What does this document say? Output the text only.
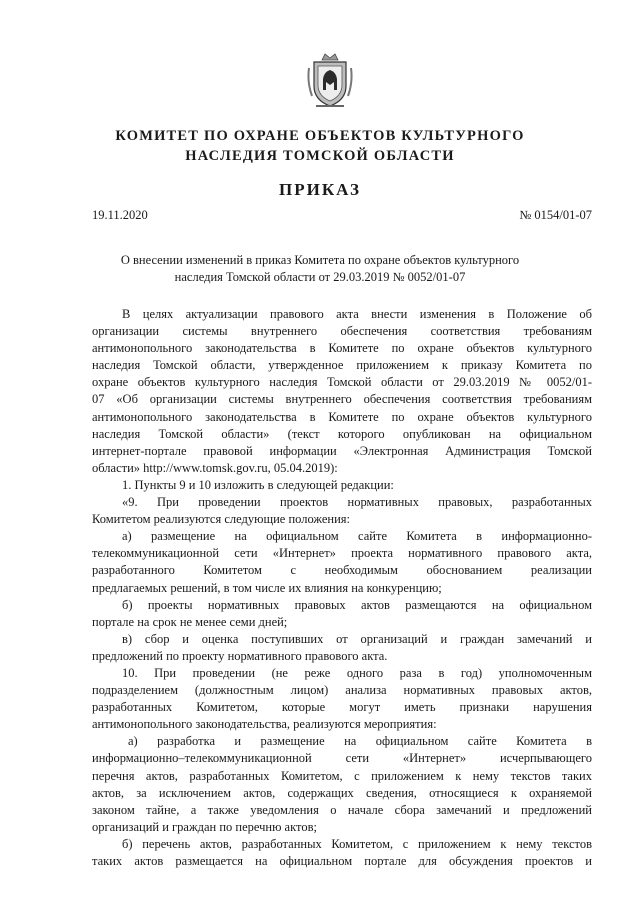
КОМИТЕТ ПО ОХРАНЕ ОБЪЕКТОВ КУЛЬТУРНОГО
НАСЛЕДИЯ ТОМСКОЙ ОБЛАСТИ
ПРИКАЗ
19.11.2020	№ 0154/01-07
О внесении изменений в приказ Комитета по охране объектов культурного
наследия Томской области от 29.03.2019 № 0052/01-07
В целях актуализации правового акта внести изменения в Положение об
организации системы внутреннего обеспечения соответствия требованиям
антимонопольного законодательства в Комитете по охране объектов культурного
наследия Томской области, утвержденное приложением к приказу Комитета по
охране объектов культурного наследия Томской области от 29.03.2019 № 0052/01-
07 «Об организации системы внутреннего обеспечения соответствия требованиям
антимонопольного законодательства в Комитете по охране объектов культурного
наследия Томской области» (текст которого опубликован на официальном
интернет-портале правовой информации «Электронная Администрация Томской
области» http://www.tomsk.gov.ru, 05.04.2019):
1. Пункты 9 и 10 изложить в следующей редакции:
«9. При проведении проектов нормативных правовых, разработанных
Комитетом реализуются следующие положения:
а) размещение на официальном сайте Комитета в информационно-
телекоммуникационной сети «Интернет» проекта нормативного правового акта,
разработанного Комитетом с необходимым обоснованием реализации
предлагаемых решений, в том числе их влияния на конкуренцию;
б) проекты нормативных правовых актов размещаются на официальном
портале на срок не менее семи дней;
в) сбор и оценка поступивших от организаций и граждан замечаний и
предложений по проекту нормативного правового акта.
10. При проведении (не реже одного раза в год) уполномоченным
подразделением (должностным лицом) анализа нормативных правовых актов,
разработанных Комитетом, которые могут иметь признаки нарушения
антимонопольного законодательства, реализуются мероприятия:
а) разработка и размещение на официальном сайте Комитета в
информационно–телекоммуникационной сети «Интернет» исчерпывающего
перечня актов, разработанных Комитетом, с приложением к нему текстов таких
актов, за исключением актов, содержащих сведения, относящиеся к охраняемой
законом тайне, а также уведомления о начале сбора замечаний и предложений
организаций и граждан по перечню актов;
б) перечень актов, разработанных Комитетом, с приложением к нему текстов
таких актов размещается на официальном портале для обсуждения проектов и
